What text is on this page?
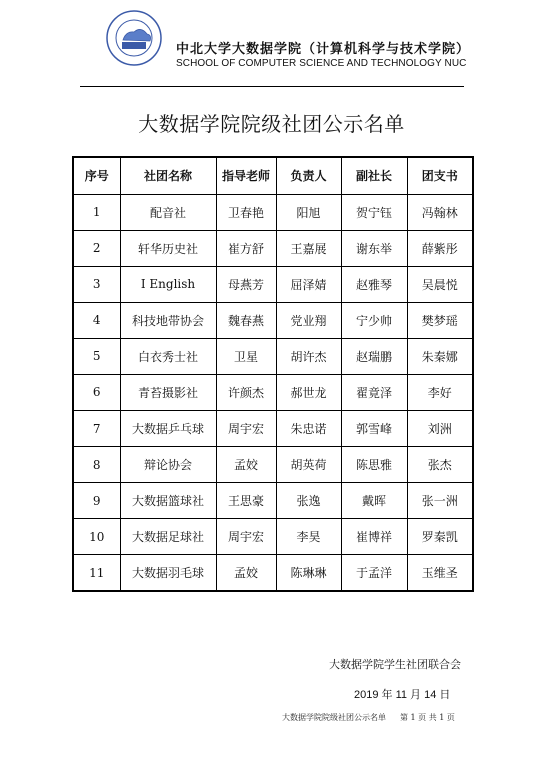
中北大学大数据学院（计算机科学与技术学院）
SCHOOL OF COMPUTER SCIENCE AND TECHNOLOGY NUC
大数据学院院级社团公示名单
序号	社团名称	指导老师	负责人	副社长	团支书
1	配音社	卫春艳	阳旭	贺宁钰	冯翰林
2	轩华历史社	崔方舒	王嘉展	谢东举	薛紫彤
3	I English	母燕芳	屈泽婧	赵雅琴	吴晨悦
4	科技地带协会	魏春燕	党业翔	宁少帅	樊梦瑶
5	白衣秀士社	卫星	胡许杰	赵瑞鹏	朱秦娜
6	青苔摄影社	许颜杰	郝世龙	翟竟泽	李好
7	大数据乒乓球	周宇宏	朱忠诺	郭雪峰	刘洲
8	辩论协会	孟姣	胡英荷	陈思雅	张杰
9	大数据篮球社	王思豪	张逸	戴晖	张一洲
10	大数据足球社	周宇宏	李昊	崔博祥	罗秦凯
11	大数据羽毛球	孟姣	陈琳琳	于孟洋	玉维圣
大数据学院学生社团联合会
2019 年 11 月 14 日
大数据学院院级社团公示名单 第 1 页 共 1 页
